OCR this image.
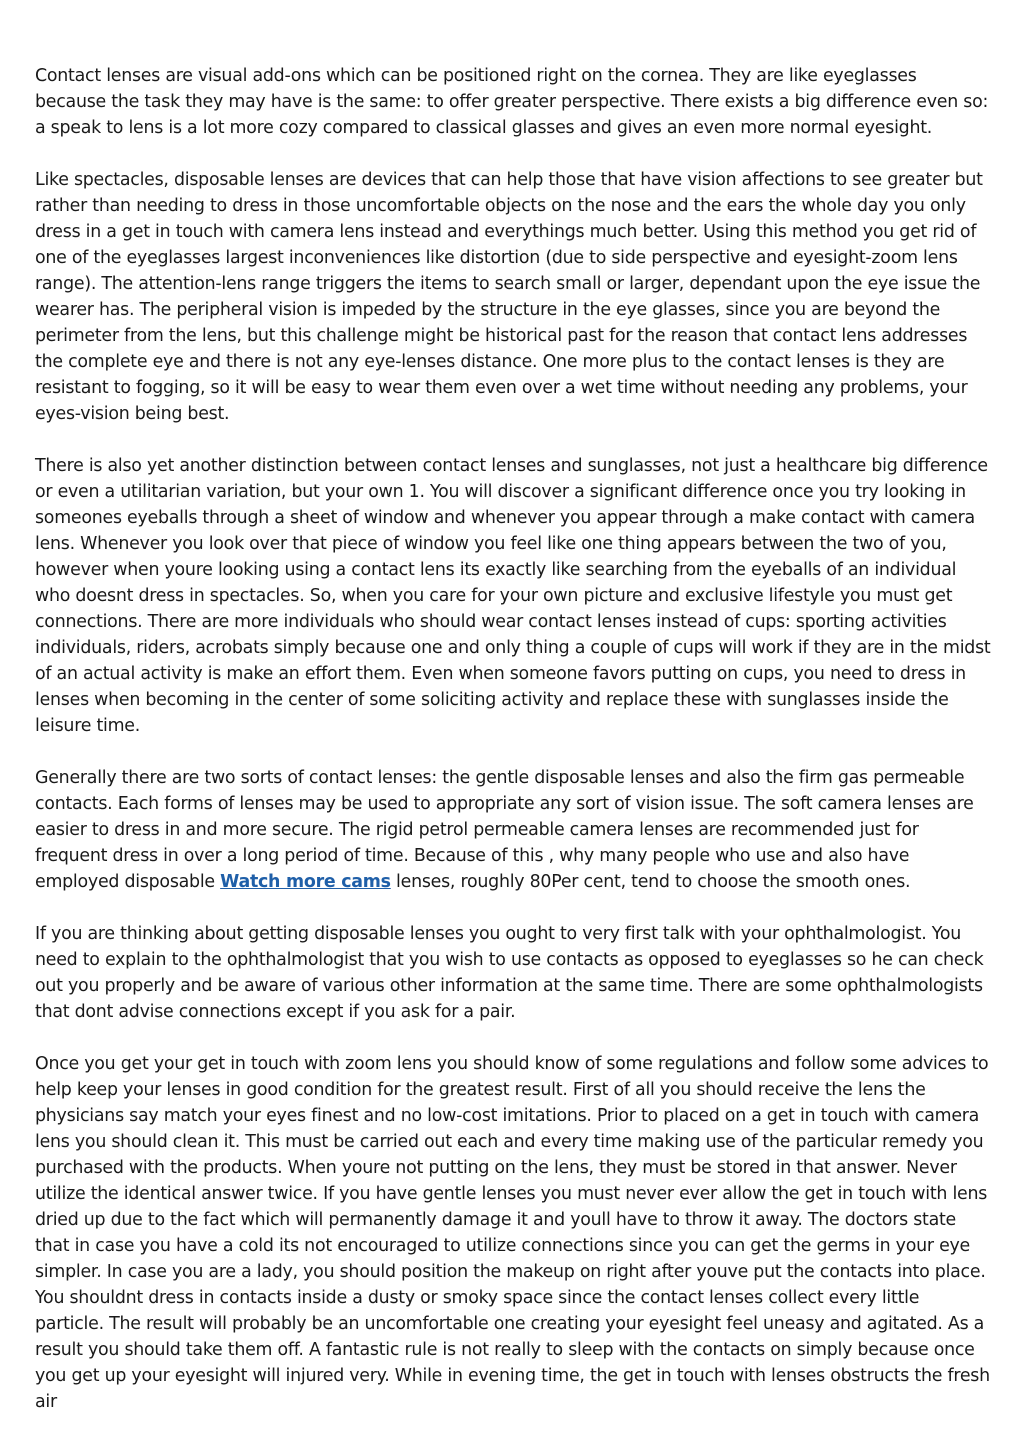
Contact lenses are visual add-ons which can be positioned right on the cornea. They are like eyeglasses because the task they may have is the same: to offer greater perspective. There exists a big difference even so: a speak to lens is a lot more cozy compared to classical glasses and gives an even more normal eyesight.

Like spectacles, disposable lenses are devices that can help those that have vision affections to see greater but rather than needing to dress in those uncomfortable objects on the nose and the ears the whole day you only dress in a get in touch with camera lens instead and everythings much better. Using this method you get rid of one of the eyeglasses largest inconveniences like distortion (due to side perspective and eyesight-zoom lens range). The attention-lens range triggers the items to search small or larger, dependant upon the eye issue the wearer has. The peripheral vision is impeded by the structure in the eye glasses, since you are beyond the perimeter from the lens, but this challenge might be historical past for the reason that contact lens addresses the complete eye and there is not any eye-lenses distance. One more plus to the contact lenses is they are resistant to fogging, so it will be easy to wear them even over a wet time without needing any problems, your eyes-vision being best.

There is also yet another distinction between contact lenses and sunglasses, not just a healthcare big difference or even a utilitarian variation, but your own 1. You will discover a significant difference once you try looking in someones eyeballs through a sheet of window and whenever you appear through a make contact with camera lens. Whenever you look over that piece of window you feel like one thing appears between the two of you, however when youre looking using a contact lens its exactly like searching from the eyeballs of an individual who doesnt dress in spectacles. So, when you care for your own picture and exclusive lifestyle you must get connections. There are more individuals who should wear contact lenses instead of cups: sporting activities individuals, riders, acrobats simply because one and only thing a couple of cups will work if they are in the midst of an actual activity is make an effort them. Even when someone favors putting on cups, you need to dress in lenses when becoming in the center of some soliciting activity and replace these with sunglasses inside the leisure time.

Generally there are two sorts of contact lenses: the gentle disposable lenses and also the firm gas permeable contacts. Each forms of lenses may be used to appropriate any sort of vision issue. The soft camera lenses are easier to dress in and more secure. The rigid petrol permeable camera lenses are recommended just for frequent dress in over a long period of time. Because of this , why many people who use and also have employed disposable Watch more cams lenses, roughly 80Per cent, tend to choose the smooth ones.

If you are thinking about getting disposable lenses you ought to very first talk with your ophthalmologist. You need to explain to the ophthalmologist that you wish to use contacts as opposed to eyeglasses so he can check out you properly and be aware of various other information at the same time. There are some ophthalmologists that dont advise connections except if you ask for a pair.

Once you get your get in touch with zoom lens you should know of some regulations and follow some advices to help keep your lenses in good condition for the greatest result. First of all you should receive the lens the physicians say match your eyes finest and no low-cost imitations. Prior to placed on a get in touch with camera lens you should clean it. This must be carried out each and every time making use of the particular remedy you purchased with the products. When youre not putting on the lens, they must be stored in that answer. Never utilize the identical answer twice. If you have gentle lenses you must never ever allow the get in touch with lens dried up due to the fact which will permanently damage it and youll have to throw it away. The doctors state that in case you have a cold its not encouraged to utilize connections since you can get the germs in your eye simpler. In case you are a lady, you should position the makeup on right after youve put the contacts into place. You shouldnt dress in contacts inside a dusty or smoky space since the contact lenses collect every little particle. The result will probably be an uncomfortable one creating your eyesight feel uneasy and agitated. As a result you should take them off. A fantastic rule is not really to sleep with the contacts on simply because once you get up your eyesight will injured very. While in evening time, the get in touch with lenses obstructs the fresh air
